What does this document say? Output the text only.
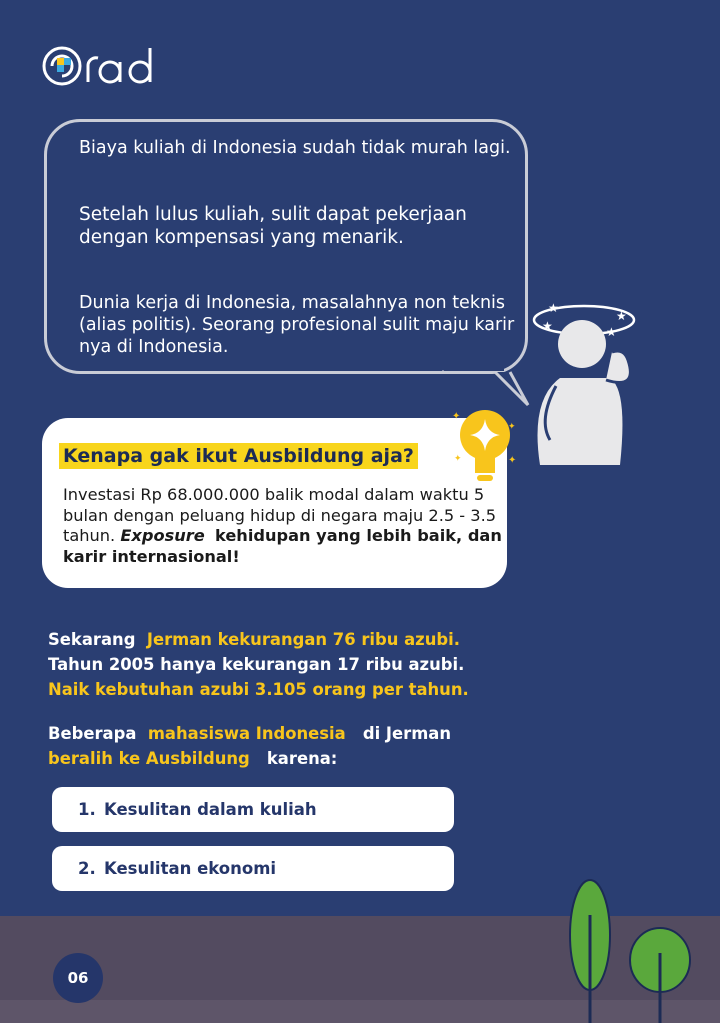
Biaya kuliah di Indonesia sudah tidak murah lagi.

Setelah lulus kuliah, sulit dapat pekerjaan dengan kompensasi yang menarik.

Dunia kerja di Indonesia, masalahnya non teknis (alias politis). Seorang profesional sulit maju karir nya di Indonesia.

★
★
★
★
Kenapa gak ikut Ausbildung aja?
Investasi Rp 68.000.000 balik modal dalam waktu 5 bulan dengan peluang hidup di negara maju 2.5 - 3.5 tahun. Exposure kehidupan yang lebih baik, dan karir internasional!
✦
✦
✦	✦
Sekarang Jerman kekurangan 76 ribu azubi.
Tahun 2005 hanya kekurangan 17 ribu azubi.
Naik kebutuhan azubi 3.105 orang per tahun.
Beberapa mahasiswa Indonesia di Jerman
beralih ke Ausbildung karena:
1. Kesulitan dalam kuliah
2. Kesulitan ekonomi
06
